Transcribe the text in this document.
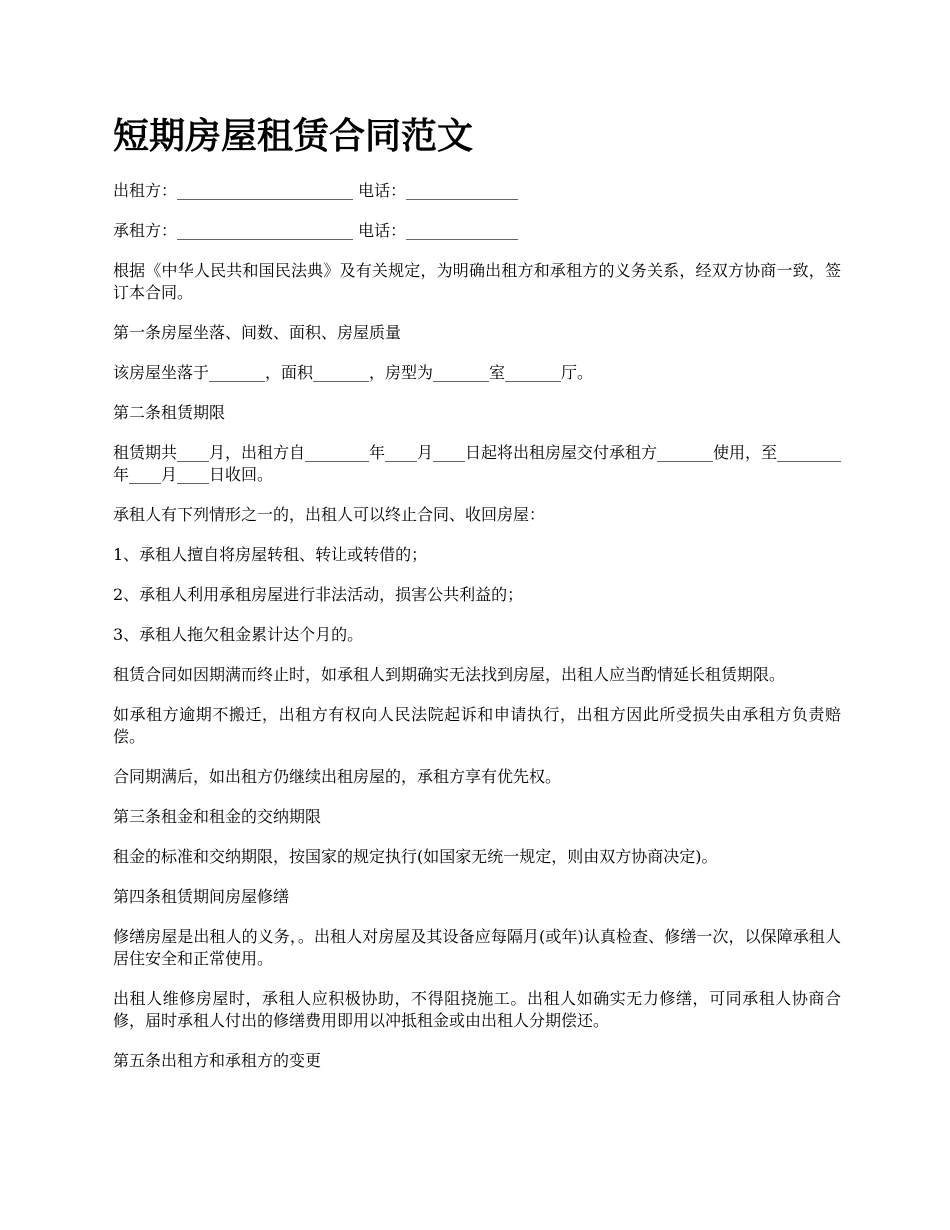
短期房屋租赁合同范文

出租方：______________________ 电话：______________

承租方：______________________ 电话：______________

根据《中华人民共和国民法典》及有关规定，为明确出租方和承租方的义务关系，经双方协商一致，签订本合同。

第一条房屋坐落、间数、面积、房屋质量

该房屋坐落于_______，面积_______，房型为_______室_______厅。

第二条租赁期限

租赁期共____月，出租方自________年____月____日起将出租房屋交付承租方_______使用，至________年____月____日收回。

承租人有下列情形之一的，出租人可以终止合同、收回房屋：

1、承租人擅自将房屋转租、转让或转借的；

2、承租人利用承租房屋进行非法活动，损害公共利益的；

3、承租人拖欠租金累计达个月的。

租赁合同如因期满而终止时，如承租人到期确实无法找到房屋，出租人应当酌情延长租赁期限。

如承租方逾期不搬迁，出租方有权向人民法院起诉和申请执行，出租方因此所受损失由承租方负责赔偿。

合同期满后，如出租方仍继续出租房屋的，承租方享有优先权。

第三条租金和租金的交纳期限

租金的标准和交纳期限，按国家的规定执行(如国家无统一规定，则由双方协商决定)。

第四条租赁期间房屋修缮

修缮房屋是出租人的义务，。出租人对房屋及其设备应每隔月(或年)认真检查、修缮一次，以保障承租人居住安全和正常使用。

出租人维修房屋时，承租人应积极协助，不得阻挠施工。出租人如确实无力修缮，可同承租人协商合修，届时承租人付出的修缮费用即用以冲抵租金或由出租人分期偿还。

第五条出租方和承租方的变更
